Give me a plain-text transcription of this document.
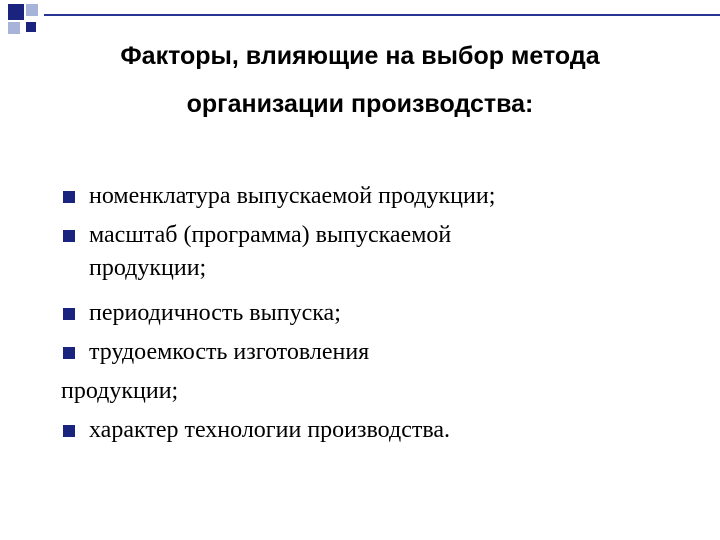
Факторы, влияющие на выбор метода
организации производства:
номенклатура выпускаемой продукции;
масштаб (программа) выпускаемой
продукции;
периодичность выпуска;
трудоемкость изготовления
продукции;
характер технологии производства.
